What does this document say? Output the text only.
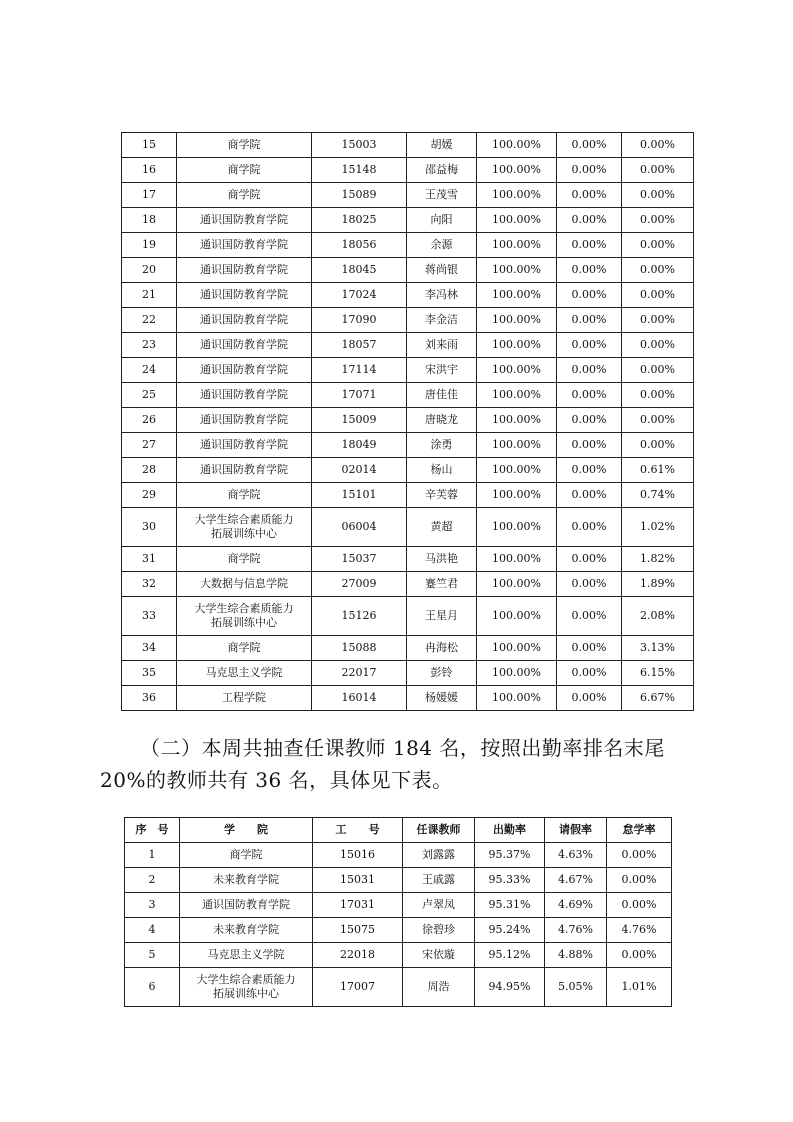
15	商学院	15003	胡媛	100.00%	0.00%	0.00%
16	商学院	15148	邵益梅	100.00%	0.00%	0.00%
17	商学院	15089	王茂雪	100.00%	0.00%	0.00%
18	通识国防教育学院	18025	向阳	100.00%	0.00%	0.00%
19	通识国防教育学院	18056	余源	100.00%	0.00%	0.00%
20	通识国防教育学院	18045	蒋尚银	100.00%	0.00%	0.00%
21	通识国防教育学院	17024	李冯林	100.00%	0.00%	0.00%
22	通识国防教育学院	17090	李金洁	100.00%	0.00%	0.00%
23	通识国防教育学院	18057	刘来雨	100.00%	0.00%	0.00%
24	通识国防教育学院	17114	宋洪宇	100.00%	0.00%	0.00%
25	通识国防教育学院	17071	唐佳佳	100.00%	0.00%	0.00%
26	通识国防教育学院	15009	唐晓龙	100.00%	0.00%	0.00%
27	通识国防教育学院	18049	涂勇	100.00%	0.00%	0.00%
28	通识国防教育学院	02014	杨山	100.00%	0.00%	0.61%
29	商学院	15101	辛芙蓉	100.00%	0.00%	0.74%
30	大学生综合素质能力
拓展训练中心	06004	黄超	100.00%	0.00%	1.02%
31	商学院	15037	马洪艳	100.00%	0.00%	1.82%
32	大数据与信息学院	27009	蹇竺君	100.00%	0.00%	1.89%
33	大学生综合素质能力
拓展训练中心	15126	王星月	100.00%	0.00%	2.08%
34	商学院	15088	冉海松	100.00%	0.00%	3.13%
35	马克思主义学院	22017	彭铃	100.00%	0.00%	6.15%
36	工程学院	16014	杨媛媛	100.00%	0.00%	6.67%
（二）本周共抽查任课教师 184 名，按照出勤率排名末尾 20%的教师共有 36 名，具体见下表。
序　号	学　　院	工　　号	任课教师	出勤率	请假率	怠学率
1	商学院	15016	刘露露	95.37%	4.63%	0.00%
2	未来教育学院	15031	王戚露	95.33%	4.67%	0.00%
3	通识国防教育学院	17031	卢翠凤	95.31%	4.69%	0.00%
4	未来教育学院	15075	徐碧珍	95.24%	4.76%	4.76%
5	马克思主义学院	22018	宋依璇	95.12%	4.88%	0.00%
6	大学生综合素质能力
拓展训练中心	17007	周浩	94.95%	5.05%	1.01%
